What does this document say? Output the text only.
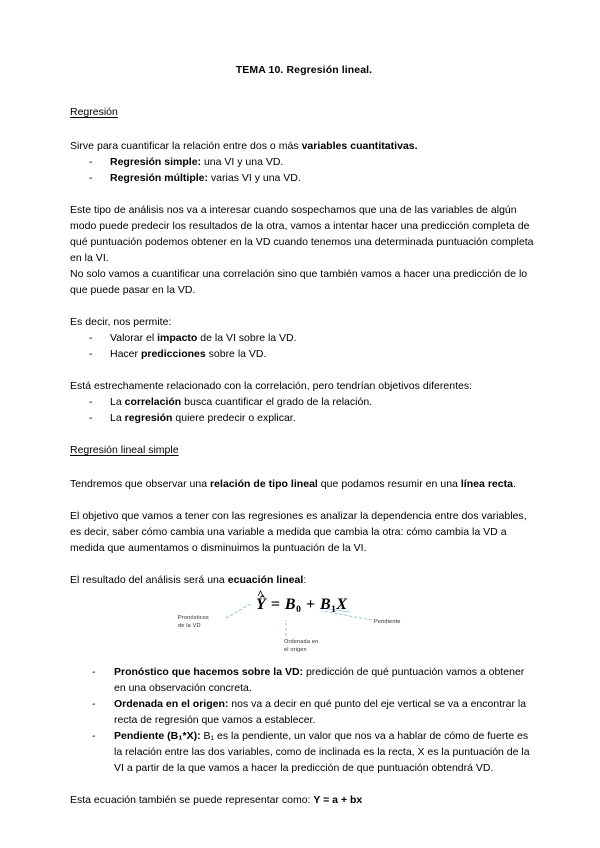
TEMA 10. Regresión lineal.
Regresión

Sirve para cuantificar la relación entre dos o más variables cuantitativas.

- Regresión simple: una VI y una VD.
- Regresión múltiple: varias VI y una VD.

Este tipo de análisis nos va a interesar cuando sospechamos que una de las variables de algún modo puede predecir los resultados de la otra, vamos a intentar hacer una predicción completa de qué puntuación podemos obtener en la VD cuando tenemos una determinada puntuación completa en la VI.

No solo vamos a cuantificar una correlación sino que también vamos a hacer una predicción de lo que puede pasar en la VD.

Es decir, nos permite:

- Valorar el impacto de la VI sobre la VD.
- Hacer predicciones sobre la VD.

Está estrechamente relacionado con la correlación, pero tendrían objetivos diferentes:

- La correlación busca cuantificar el grado de la relación.
- La regresión quiere predecir o explicar.
Regresión lineal simple

Tendremos que observar una relación de tipo lineal que podamos resumir en una línea recta.

El objetivo que vamos a tener con las regresiones es analizar la dependencia entre dos variables, es decir, saber cómo cambia una variable a medida que cambia la otra: cómo cambia la VD a medida que aumentamos o disminuimos la puntuación de la VI.

El resultado del análisis será una ecuación lineal:

^ Ŷ = $B_0 + B_1X$
Pronósticos
de la VD
Ordenada en
el origen
Pendiente
- Pronóstico que hacemos sobre la VD: predicción de qué puntuación vamos a obtener en una observación concreta.
- Ordenada en el origen: nos va a decir en qué punto del eje vertical se va a encontrar la recta de regresión que vamos a establecer.
- Pendiente (B₁*X): B₁ es la pendiente, un valor que nos va a hablar de cómo de fuerte es la relación entre las dos variables, como de inclinada es la recta, X es la puntuación de la VI a partir de la que vamos a hacer la predicción de que puntuación obtendrá VD.

Esta ecuación también se puede representar como: Y = a + bx
